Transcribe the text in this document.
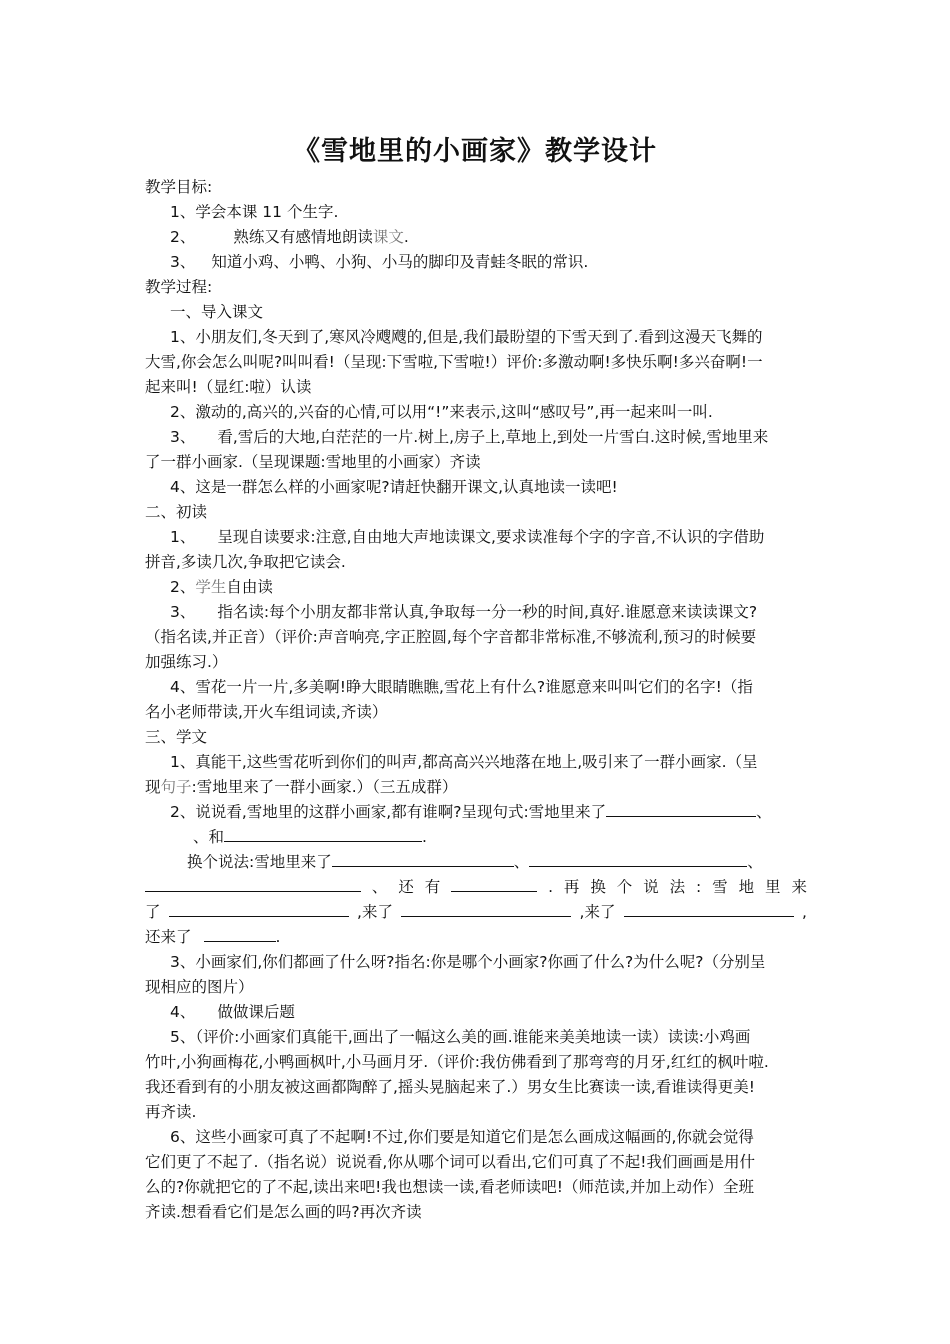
《雪地里的小画家》教学设计
教学目标:
1、学会本课 11 个生字.
2、 熟练又有感情地朗读课文.
3、 知道小鸡、小鸭、小狗、小马的脚印及青蛙冬眠的常识.
教学过程:
一、导入课文
1、小朋友们,冬天到了,寒风冷飕飕的,但是,我们最盼望的下雪天到了.看到这漫天飞舞的
大雪,你会怎么叫呢?叫叫看!（呈现:下雪啦,下雪啦!）评价:多激动啊!多快乐啊!多兴奋啊!一
起来叫!（显红:啦）认读
2、激动的,高兴的,兴奋的心情,可以用“!”来表示,这叫“感叹号”,再一起来叫一叫.
3、 看,雪后的大地,白茫茫的一片.树上,房子上,草地上,到处一片雪白.这时候,雪地里来
了一群小画家.（呈现课题:雪地里的小画家）齐读
4、这是一群怎么样的小画家呢?请赶快翻开课文,认真地读一读吧!
二、初读
1、 呈现自读要求:注意,自由地大声地读课文,要求读准每个字的字音,不认识的字借助
拼音,多读几次,争取把它读会.
2、学生自由读
3、 指名读:每个小朋友都非常认真,争取每一分一秒的时间,真好.谁愿意来读读课文?
（指名读,并正音）（评价:声音响亮,字正腔圆,每个字音都非常标准,不够流利,预习的时候要
加强练习.）
4、雪花一片一片,多美啊!睁大眼睛瞧瞧,雪花上有什么?谁愿意来叫叫它们的名字!（指
名小老师带读,开火车组词读,齐读）
三、学文
1、真能干,这些雪花听到你们的叫声,都高高兴兴地落在地上,吸引来了一群小画家.（呈
现句子:雪地里来了一群小画家.）（三五成群）
2、说说看,雪地里的这群小画家,都有谁啊?呈现句式:雪地里来了	、
、和	.
换个说法:雪地里来了	、	、
、 还 有	. 再 换 个 说 法 : 雪 地 里 来
了	,来了	,来了	,
还来了	.
3、小画家们,你们都画了什么呀?指名:你是哪个小画家?你画了什么?为什么呢?（分别呈
现相应的图片）
4、 做做课后题
5、（评价:小画家们真能干,画出了一幅这么美的画.谁能来美美地读一读）读读:小鸡画
竹叶,小狗画梅花,小鸭画枫叶,小马画月牙.（评价:我仿佛看到了那弯弯的月牙,红红的枫叶啦.
我还看到有的小朋友被这画都陶醉了,摇头晃脑起来了.）男女生比赛读一读,看谁读得更美!
再齐读.
6、这些小画家可真了不起啊!不过,你们要是知道它们是怎么画成这幅画的,你就会觉得
它们更了不起了.（指名说）说说看,你从哪个词可以看出,它们可真了不起!我们画画是用什
么的?你就把它的了不起,读出来吧!我也想读一读,看老师读吧!（师范读,并加上动作）全班
齐读.想看看它们是怎么画的吗?再次齐读
